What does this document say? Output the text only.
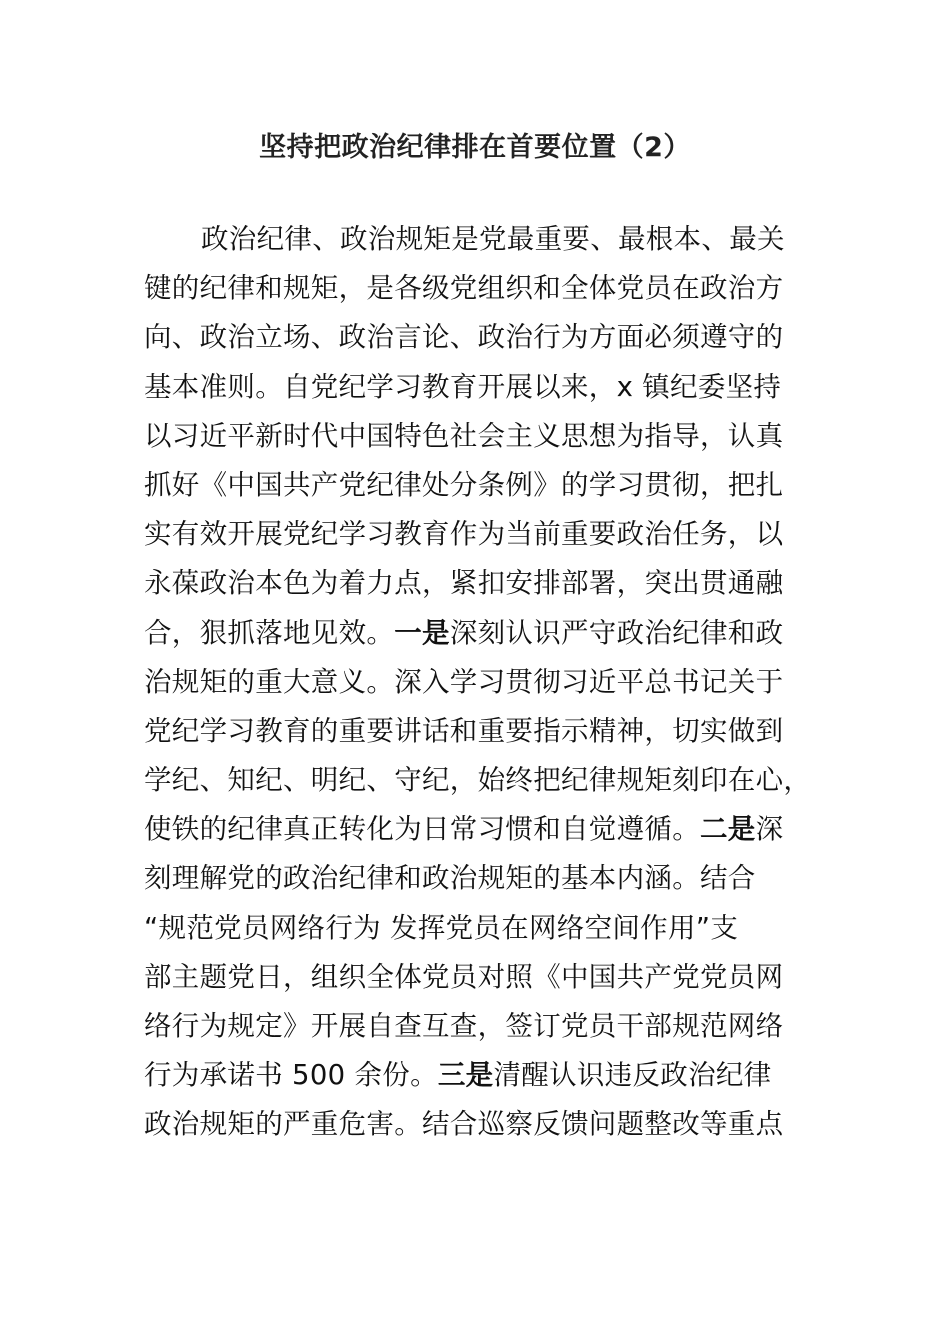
坚持把政治纪律排在首要位置（2）
政治纪律、政治规矩是党最重要、最根本、最关
键的纪律和规矩，是各级党组织和全体党员在政治方
向、政治立场、政治言论、政治行为方面必须遵守的
基本准则。自党纪学习教育开展以来，x 镇纪委坚持
以习近平新时代中国特色社会主义思想为指导，认真
抓好《中国共产党纪律处分条例》的学习贯彻，把扎
实有效开展党纪学习教育作为当前重要政治任务，以
永葆政治本色为着力点，紧扣安排部署，突出贯通融
合，狠抓落地见效。一是深刻认识严守政治纪律和政
治规矩的重大意义。深入学习贯彻习近平总书记关于
党纪学习教育的重要讲话和重要指示精神，切实做到
学纪、知纪、明纪、守纪，始终把纪律规矩刻印在心，
使铁的纪律真正转化为日常习惯和自觉遵循。二是深
刻理解党的政治纪律和政治规矩的基本内涵。结合
“规范党员网络行为 发挥党员在网络空间作用”支
部主题党日，组织全体党员对照《中国共产党党员网
络行为规定》开展自查互查，签订党员干部规范网络
行为承诺书 500 余份。三是清醒认识违反政治纪律
政治规矩的严重危害。结合巡察反馈问题整改等重点
